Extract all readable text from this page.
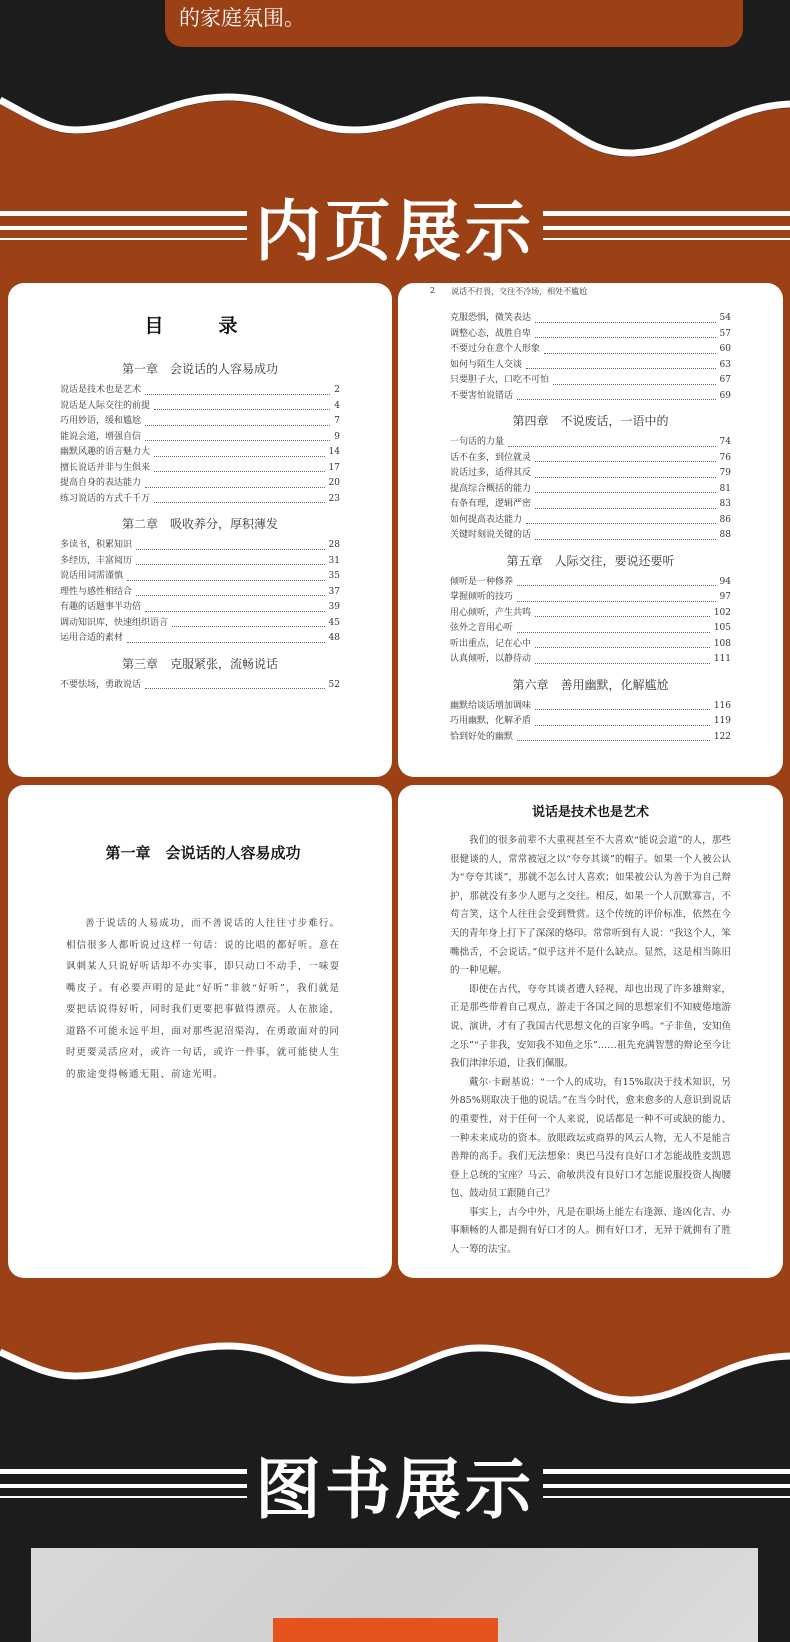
的家庭氛围。
内页展示
目　录
第一章　会说话的人容易成功
说话是技术也是艺术	2
说话是人际交往的前提	4
巧用妙语，缓和尴尬	7
能说会道，增强自信	9
幽默风趣的语言魅力大	14
擅长说话并非与生俱来	17
提高自身的表达能力	20
练习说话的方式千千万	23
第二章　吸收养分，厚积薄发
多读书，积累知识	28
多经历，丰富阅历	31
说话用词需谨慎	35
理性与感性相结合	37
有趣的话题事半功倍	39
调动知识库，快速组织语言	45
运用合适的素材	48
第三章　克服紧张，流畅说话
不要怯场，勇敢说话	52
2 说话不打畏，交往不冷场，相处不尴尬
克服恐惧，微笑表达	54
调整心态，战胜自卑	57
不要过分在意个人形象	60
如何与陌生人交谈	63
只要胆子大，口吃不可怕	67
不要害怕说错话	69
第四章　不说废话，一语中的
一句话的力量	74
话不在多，到位就灵	76
说话过多，适得其反	79
提高综合概括的能力	81
有条有理，逻辑严密	83
如何提高表达能力	86
关键时刻说关键的话	88
第五章　人际交往，要说还要听
倾听是一种修养	94
掌握倾听的技巧	97
用心倾听，产生共鸣	102
弦外之音用心听	105
听出重点，记在心中	108
认真倾听，以静待动	111
第六章　善用幽默，化解尴尬
幽默给谈话增加调味	116
巧用幽默，化解矛盾	119
恰到好处的幽默	122
第一章　会说话的人容易成功

善于说话的人易成功，而不善说话的人往往寸步难行。相信很多人都听说过这样一句话：说的比唱的都好听。意在讽刺某人只说好听话却不办实事，即只动口不动手，一味耍嘴皮子。有必要声明的是此“好听”非彼“好听”，我们就是要把话说得好听，同时我们更要把事做得漂亮。人在旅途，道路不可能永远平坦，面对那些泥沼渠沟，在勇敢面对的同时更要灵活应对，或许一句话，或许一件事，就可能使人生的旅途变得畅通无阻、前途光明。

说话是技术也是艺术

我们的很多前辈不大重视甚至不大喜欢“能说会道”的人，那些很健谈的人，常常被冠之以“夸夸其谈”的帽子。如果一个人被公认为“夸夸其谈”，那就不怎么讨人喜欢；如果被公认为善于为自己辩护，那就没有多少人愿与之交往。相反，如果一个人沉默寡言，不苟言笑，这个人往往会受到赞赏。这个传统的评价标准，依然在今天的青年身上打下了深深的烙印。常常听到有人说：“我这个人，笨嘴拙舌，不会说话。”似乎这并不是什么缺点。显然，这是相当陈旧的一种见解。

即使在古代，夸夸其谈者遭人轻视，却也出现了许多雄辩家，正是那些带着自己观点，游走于各国之间的思想家们不知疲倦地游说、演讲，才有了我国古代思想文化的百家争鸣。“子非鱼，安知鱼之乐”“子非我，安知我不知鱼之乐”……祖先充满智慧的辩论至今让我们津津乐道，让我们佩服。

戴尔·卡耐基说：“一个人的成功，有15%取决于技术知识，另外85%则取决于他的说话。”在当今时代，愈来愈多的人意识到说话的重要性，对于任何一个人来说，说话都是一种不可或缺的能力、一种未来成功的资本。放眼政坛或商界的风云人物，无人不是能言善辩的高手。我们无法想象：奥巴马没有良好口才怎能战胜麦凯恩登上总统的宝座？马云、俞敏洪没有良好口才怎能说服投资人掏腰包、鼓动员工跟随自己？

事实上，古今中外，凡是在职场上能左右逢源、逢凶化吉、办事顺畅的人都是拥有好口才的人。拥有好口才，无异于就拥有了胜人一筹的法宝。

图书展示
